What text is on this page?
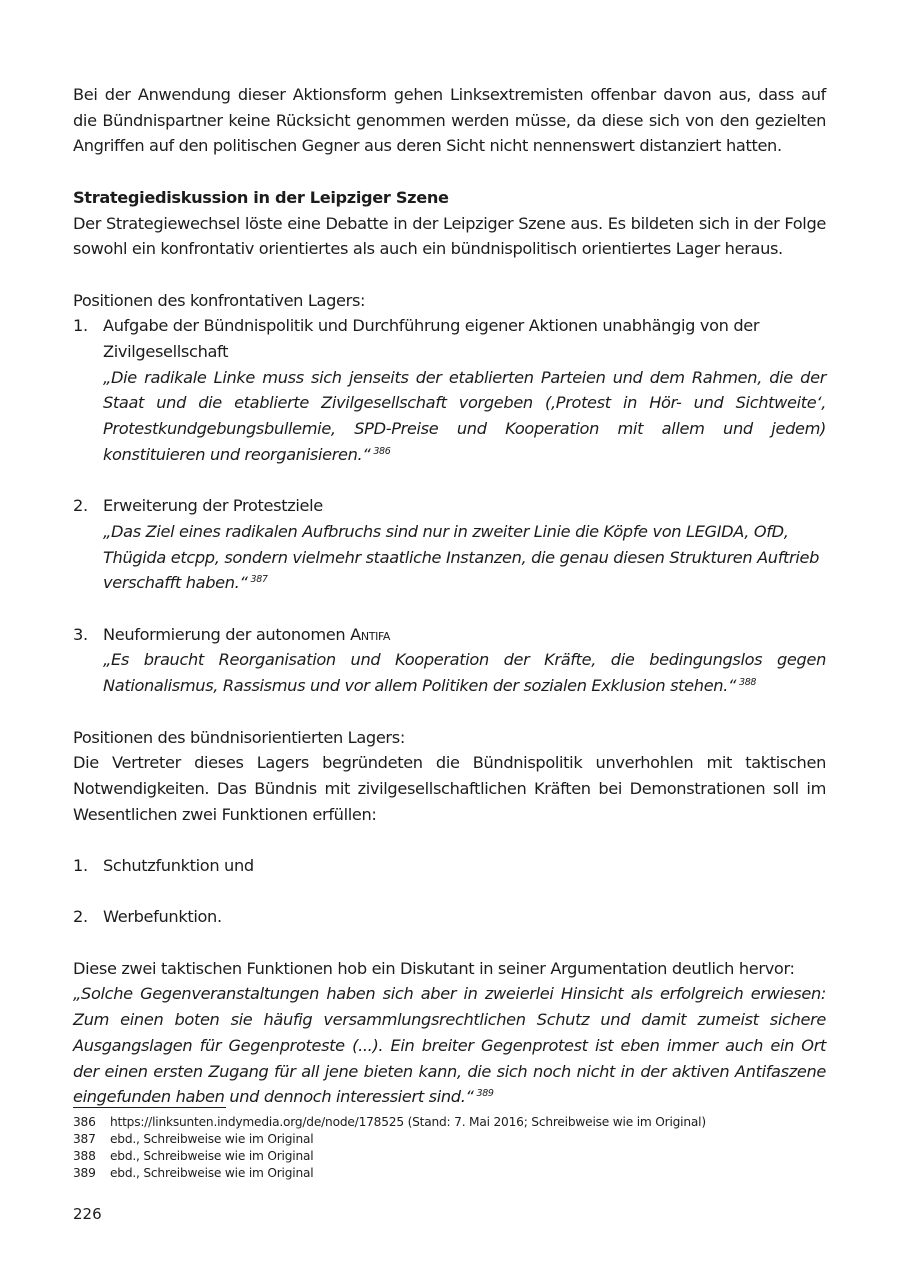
Bei der Anwendung dieser Aktionsform gehen Linksextremisten offenbar davon aus, dass auf die Bündnispartner keine Rücksicht genommen werden müsse, da diese sich von den gezielten Angriffen auf den politischen Gegner aus deren Sicht nicht nennenswert distanziert hatten.

Strategiediskussion in der Leipziger Szene

Der Strategiewechsel löste eine Debatte in der Leipziger Szene aus. Es bildeten sich in der Folge sowohl ein konfrontativ orientiertes als auch ein bündnispolitisch orientiertes Lager heraus.

Positionen des konfrontativen Lagers:

1. Aufgabe der Bündnispolitik und Durchführung eigener Aktionen unabhängig von der Zivilgesellschaft

„Die radikale Linke muss sich jenseits der etablierten Parteien und dem Rahmen, die der Staat und die etablierte Zivilgesellschaft vorgeben (‚Protest in Hör- und Sichtweite‘, Protestkundgebungsbullemie, SPD-Preise und Kooperation mit allem und jedem) konstituieren und reorganisieren.“ $^{386}$

2. Erweiterung der Protestziele

„Das Ziel eines radikalen Aufbruchs sind nur in zweiter Linie die Köpfe von LEGIDA, OfD, Thügida etcpp, sondern vielmehr staatliche Instanzen, die genau diesen Strukturen Auftrieb verschafft haben.“ $^{387}$

3. Neuformierung der autonomen Antifa

„Es braucht Reorganisation und Kooperation der Kräfte, die bedingungslos gegen Nationalismus, Rassismus und vor allem Politiken der sozialen Exklusion stehen.“ $^{388}$

Positionen des bündnisorientierten Lagers:

Die Vertreter dieses Lagers begründeten die Bündnispolitik unverhohlen mit taktischen Notwendigkeiten. Das Bündnis mit zivilgesellschaftlichen Kräften bei Demonstrationen soll im Wesentlichen zwei Funktionen erfüllen:

1. Schutzfunktion und

2. Werbefunktion.

Diese zwei taktischen Funktionen hob ein Diskutant in seiner Argumentation deutlich hervor:

„Solche Gegenveranstaltungen haben sich aber in zweierlei Hinsicht als erfolgreich erwiesen: Zum einen boten sie häufig versammlungsrechtlichen Schutz und damit zumeist sichere Ausgangslagen für Gegenproteste (...). Ein breiter Gegenprotest ist eben immer auch ein Ort der einen ersten Zugang für all jene bieten kann, die sich noch nicht in der aktiven Antifaszene eingefunden haben und dennoch interessiert sind.“ $^{389}$

386 https://linksunten.indymedia.org/de/node/178525 (Stand: 7. Mai 2016; Schreibweise wie im Original)
387 ebd., Schreibweise wie im Original
388 ebd., Schreibweise wie im Original
389 ebd., Schreibweise wie im Original
226
